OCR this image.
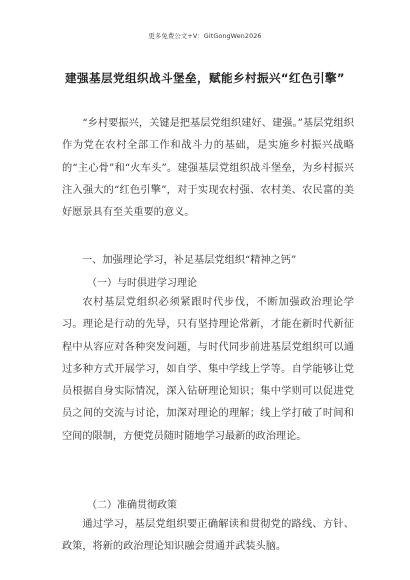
更多免费公文+V：GitGongWen2026
建强基层党组织战斗堡垒，赋能乡村振兴“红色引擎”

“乡村要振兴，关键是把基层党组织建好、建强。”基层党组织作为党在农村全部工作和战斗力的基础，是实施乡村振兴战略的“主心骨”和“火车头”。建强基层党组织战斗堡垒，为乡村振兴注入强大的“红色引擎”，对于实现农村强、农村美、农民富的美好愿景具有至关重要的意义。

一、加强理论学习，补足基层党组织“精神之钙”
（一）与时俱进学习理论

农村基层党组织必须紧跟时代步伐，不断加强政治理论学习。理论是行动的先导，只有坚持理论常新，才能在新时代新征程中从容应对各种突发问题，与时代同步前进基层党组织可以通过多种方式开展学习，如自学、集中学线上学等。自学能够让党员根据自身实际情况，深入钻研理论知识；集中学则可以促进党员之间的交流与讨论，加深对理论的理解；线上学打破了时间和空间的限制，方便党员随时随地学习最新的政治理论。

（二）准确贯彻政策

通过学习，基层党组织要正确解读和贯彻党的路线、方针、政策，将新的政治理论知识融会贯通并武装头脑。
